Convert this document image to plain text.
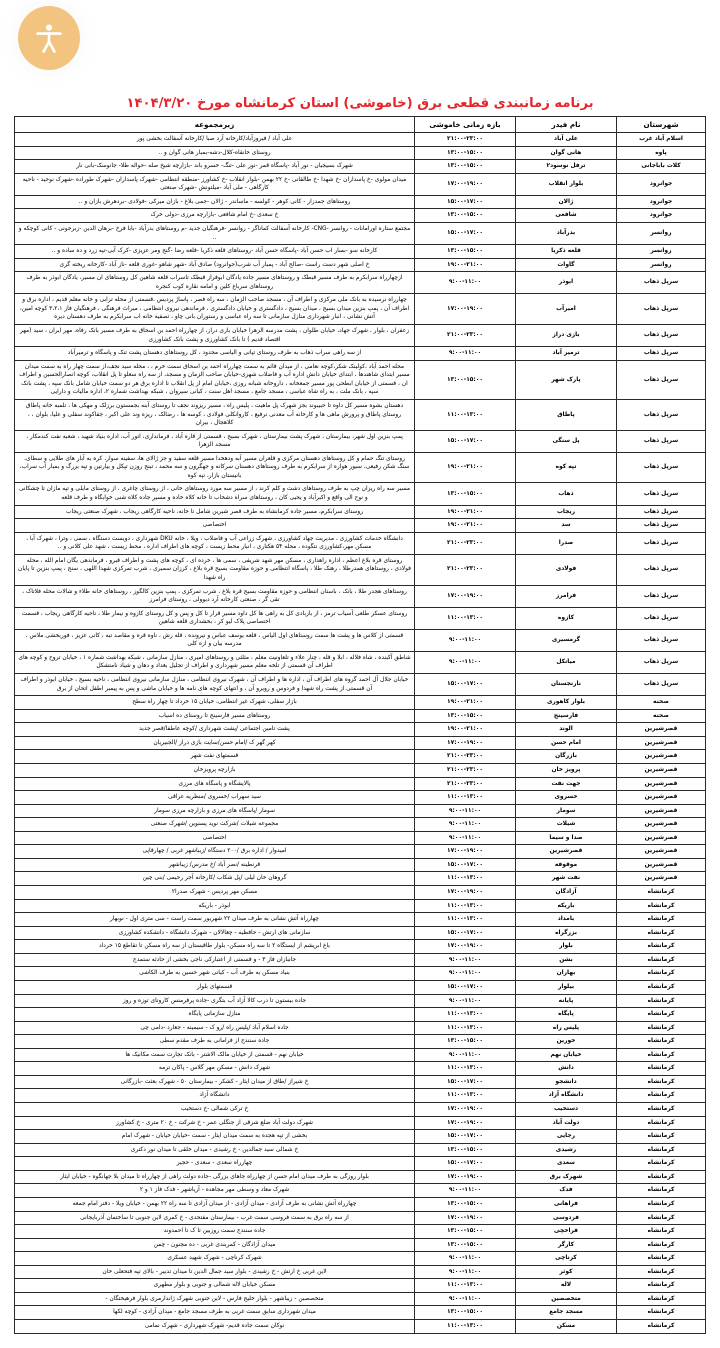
برنامه زمانبندی قطعی برق (خاموشی) استان کرمانشاه مورخ ۱۴۰۴/۳/۲۰
شهرستان	نام فیدر	بازه زمانی خاموشی	زیرمجموعه
اسلام آباد غرب	علی آباد	۲۱:۰۰-۲۳:۰۰	علی آباد / فیروزآباد/کارخانه آرد صبا /کارخانه آسفالت بخشی پور
پاوه	هانی گوان	۱۳:۰۰-۱۵:۰۰	روستای خانقاه-کلال-دشه-بمبار هانی گوان و ..
کلات باباجانی	ترفل نوسود۲	۱۳:۰۰-۱۵:۰۰	شهرک بسیجیان - نور آباد -پاسگاه قمر -نور علی -تنگ- خسرو باند -بازارچه شیخ صله -حواله طلا- جانوسک-بانی نار
جوانرود	بلوار انقلاب	۱۷:۰۰-۱۹:۰۰	میدان مولوی -خ پاسداران -خ شهدا -خ طالقانی -خ ۲۲ بهمن -بلوار انقلاب -خ کشاورز -منطقه انتظامی -شهرک پاسداران -شهرک طوراده -شهرک نوحید - ناحیه کارگاهی - ملی آباد -میلتونش -شهرک صنعتی
جوانرود	ژالان	۱۵:۰۰-۱۷:۰۰	روستاهای جمدزار - کانی کوهر - کولسه - ماساندر - ژالان -جمی بلاغ - بازان میرکی -فولادی -بردهرش بازان و ..
جوانرود	شافعی	۱۳:۰۰-۱۵:۰۰	خ سعدی -خ امام شافعی -بازارچه مرزی -دولی خرک
روانسر	بدرآباد	۱۵:۰۰-۱۷:۰۰	مجتمع ستاره اورامانات - روانسر -CNG- کارخانه آسفالت کماناگر - روانسر -فرهنگیان جدید -م روستاهای بدرآباد -بابا فرخ -برهان الدین -زبرجونی - کانی کوچکه و ..
روانسر	قلعه ذکریا	۱۳:۰۰-۱۵:۰۰	کارخانه سو -بمبار اب حسن آباد -پاسگاه حسن آباد -روستاهای قلعه ذکریا -قلعه رضا -گنج ومر عزیزی -کرک آبی-تپه زرد و ده ساده و ..
روانسر	گاوات	۱۹:۰۰-۲۱:۰۰	خ اصلی شهر دست راست -صالح آباد - پمبار آب شرب(جوانرود) صادق آباد -شهر شاهو -غوری قلعه -ناز آباد -کارخانه ریخته گری
سرپل ذهاب	ابوذر	۹:۰۰-۱۱:۰۰	ازچهارراه سرابکرم به طرف مسیر قبطک و روستاهای مسیر جاده یادگان ابوفراز قبطک تاسراب قلعه شاهین کل روستاهای ان مسیر، یادگان ابوذر به طرف روستاهای سرباغ کلین و امامه نقاره کوب کنجره
سرپل ذهاب	امیرآب	۱۷:۰۰-۱۹:۰۰	چهارراه نرسیده به بانک ملی مرکزی و اطراف آن ، مسجد صاحب الزمان ، سه راه فصر ، پاساژ پردیس ،قسمتی از محله ترابی و خانه معلم قدیم ، اداره برق و اطراف آن ، پمپ بنزین میدان بسیج ، میدان بسیج ، دادگستری و خیابان دادگستری ، فرماندهی نیروی انتظامی ، میراث فرهنگی ، فرهنگیان فاز ۳،۲،۱ کوچه امین، آتش نشانی ، انبار شهرداری منازل سازمانی تا سه راه عباسی و رستوران بانی چاو ، تصفیه خانه اب سرابکرم به طرف دهستان دیره
سرپل ذهاب	بازی دراز	۲۱:۰۰-۲۳:۰۰	زعفران ، بلوار ، شهرک جهاد، خیابان طلوان ، پشت مدرسه الزهرا خیابان بازی دراز، از چهارراه احمد بن اسحاق به طرف مسیر بانک رفاه، مهر ایران ، سید (مهر اقتصاد قدیم ) تا بانک کشاورزی و پشت بانک کشاورزی
سرپل ذهاب	ترمیر آباد	۹:۰۰-۱۱:۰۰	از سه راهی سراب ذهاب به طرف روستای تپانی و الیاسی محدود ، کل روستاهای دهستان پشت تنک و پاسگاه و ترمیرآباد
سرپل ذهاب	پارک شهر	۱۳:۰۰-۱۵:۰۰	محله احمد آباد ،کولینک شکر،کوچه نعامی ، از میدان قائم به سمت چهارراه احمد بن اسحاق سمت خرم ، ، محله سید نجف،از سمت چهار راه به سمت میدان مسیر ابتدای شاهندها ، ابتدای خیابان دانش اداره آب و فاضلاب شهری-خیابان صاحب الزمان و مسجد، از سه راه سعلو تا پل انقلاب، کوچه انصارالحسین و اطراف ان ، قسمتی از خیابان ابطحی پور مسیر جمعخانه ، داروخانه شبانه روزی ،خیابان امام از پل انقلاب تا اداره برق هر دو سمت خیابان شامل بانک سپه ، پشت بانک سپه ، بانک ملت ، به راه شاه عباسی ، مسجد جامع ، مسجد اهل سنت ، کیانی سیروان ، شبکه بهداشت شماره ۲، اداره مالیات و دارایی
سرپل ذهاب	پاطاق	۱۱:۰۰-۱۳:۰۰	دهستان بشوه مسیر کل داوه تا حبیبوند بجز شهرک پل ماهیت ، پلیس راه ، مسیر ریزوند نجف تا روستای آبنه بجمستون برزلک و مهکی ها ، تلمبه خانه پاطاق روستای پاطاق و پرورش ماهی ها و کارخانه آب معدنی نرفیع ، کاروانکلی فولادی ، کوسه ها ، رضالک ، ریزه وند علی اکبر ، جفاکوند سفلی و علیا، بلوان ، ، کلاهجال ، بیران
سرپل ذهاب	پل سنگی	۱۵:۰۰-۱۷:۰۰	پمپ بنزین اول شهر، بیمارستان ، شهرک پشت بیمارستان ، شهرک بسیج ، قسمتی از قاره آباد ، فرمانداری، اتور آب، اداره بنیاد شهید ، شعبه نفت کندمکار ، مسجد الزهرا
سرپل ذهاب	تپه کوه	۱۹:۰۰-۲۱:۰۰	روستای تنگ حمام و کل روستاهای دهستان مرکزی و قلعران مسیر آبه ودهخدا مسیر قلعه سفید و جز ژالای ها، سفینه سوار، کره به آبار های طلایی و سطای، سنگ شکن رفیعی، سیور هواره از سرابکرم به طرف روستاهای دهستان سرکانه و جهگرون و سه محمد ، تبنج روزن تپکل و بیارتین و تپه بزرگ و بمبار آب سراب، بانیستان بازار، تپه کوه
سرپل ذهاب	ذهاب	۱۳:۰۰-۱۵:۰۰	مسیر سه راه ریزان چپ به طرف روستاهای دشت و کلم کرند ، از مسیر سه مورد روستاهای خانی ، از روستای چاغری ، از روستای مایلی و تپه مازان تا چشکانی و نوح الی واقع و اکبرآباد و یحیی کان ، روستاهای سراه دشخاب تا خانه کلاه خاده و مسیر جاده کلاه شنی خوابگاه و طرف قلعه
سرپل ذهاب	ریجاب	۱۹:۰۰-۲۱:۰۰	روستای سرابکرم، مسیر جاده کرمانشاه به طرف قصر شیرین شامل تا خانه، ناحیه کارگاهی ریجاب ، شهرک صنعتی ریجاب
سرپل ذهاب	سد	۱۹:۰۰-۲۱:۰۰	اختصاصی
سرپل ذهاب	صدرا	۲۱:۰۰-۲۳:۰۰	دانشگاه خدمات کشاورزی ، مدیریت جهاد کشاورزی ، شهرک زراعی آب و فاضلاب ، ویلا ، خانه DKU شهرداری ، دویست دستگاه ، سمی ، وترا ، شهرک آبا ، مسکن مهر،کشاورزی نتگوده ، محله ۵۴ هکتاری ، انبار محط زیست ، کوچه های اطراف اداره ، محط زیست ، شهد علی کلانی و ..
سرپل ذهاب	فولادی	۲۱:۰۰-۲۳:۰۰	روستای قره بلاغ اعظم ، اداره راهداری ، مسکن مهر شهد شریفی ، سمی ها ، خرده ای ، کوچه های پشت و اطراف قبرو ، فرماندهی یگان امام الله ، محله فولادی ، روستاهای همدرطلا ، رهنک طلا ، پاسگاه انتظامی و حوزه مقاومت بسیج قره بلاغ ، کرزان سمیری ، شرب تمرکزی شهدا اللهی ، سنج ، پمپ بنزین تا پایان راه شهدا
سرپل ذهاب	فرامرز	۱۷:۰۰-۱۹:۰۰	روستاهای هجدر طلا ، بانک ، باستان انتظامی و حوزه مقاومت بسیج قره بلاغ ، شرب تمرکزی ، پمپ بنزین کالگوز ، روستاهای خانه طلاء و شالات محله فلاتاک ، تقی گر ، صنعتی کارخانه آرد دیوولی ، روستای فرامرز
سرپل ذهاب	کازوه	۱۱:۰۰-۱۳:۰۰	روستای عسکر طلعی آسیاب ترمز ، از بازبادی کل به راهی ها کل داود مسیر قرار تا کل و پس و کل روستای کازوه و نیمار طلا ، ناحیه کارگاهی ریجاب ، قسمت اختصاصی پلاک لیو کر ، بخشداری قلعه شاهین
سرپل ذهاب	گرمسیری	۹:۰۰-۱۱:۰۰	قسمتی از کلاس ها و پشت ها سمت روستاهای اول الیاس ، قلعه یوسف عباس و نیرونده ، قله رش ، ناوه قره و مقاصد تبه ، کانی عزیز ، فوربخشی ملاس ، مدرسه بیان و ازه کلی
سرپل ذهاب	میانکل	۹:۰۰-۱۱:۰۰	شاطق آکبنده ، شاه فلاله ، ابلا و قله ، چنار علاء و تلعاونیت معلم ، مثلثی و روستاهای امیری ، منازل سازمانی ، شبکه بهداشت شماره ۱ ، خیابان تروح و کوچه های اطراف آن قسمتی از تلخه معلم مسیر شهرداری و اطراف از تجلیل بغداد و دهان و شیاد نامتشکل
سرپل ذهاب	نارنجستان	۱۵:۰۰-۱۷:۰۰	خیابان جلال آل احمد گروه های اطراف آن ، اداره ها و اطراف آن ، شهرک نیروی انتظامی ، منازل سازمانی نیروی انتظامی ، ناحیه بسیج ، خیابان ابوذر و اطراف آن قسمتی از پشت راه شهدا و فردوس و رویرو آن ، و انتهای کوچه های نامه ها و خیابان ماشی و پس به پیمبر اطفل اتحان از برق
صحنه	بلوار کاهوری	۱۹:۰۰-۲۱:۰۰	بازار سفلی، شهرک غیر انتظامی، خیابان ۱۵ خرداد تا چهار راه سطح
صحنه	فارسینج	۱۳:۰۰-۱۵:۰۰	روستاهای مسیر فارسینج تا روستای ده اسیاب
قصرشیرین	الوند	۱۹:۰۰-۲۱:۰۰	پشت تامین اجتماعی /پشت شهرداری /کوچه عاطفا/قصر جدید
قصرشیرین	امام حسن	۱۷:۰۰-۱۹:۰۰	کهر گهر ک /امام حسن/سایت بازی دراز /الجبیریان
قصرشیرین	بازرگان	۲۱:۰۰-۲۳:۰۰	قسمتهای نفت شهر
قصرشیرین	پرویز خان	۲۱:۰۰-۲۳:۰۰	بازارچه پرویزخان
قصرشیرین	جهت نفت	۲۱:۰۰-۲۳:۰۰	پالایشگاه و پاسگاه های مرزی
قصرشیرین	خسروی	۱۱:۰۰-۱۳:۰۰	سید سهراب /خسروی /منظریه عراقی
قصرشیرین	سومار	۹:۰۰-۱۱:۰۰	سومار /پاسگاه های مرزی و بازارچه مرزی سومار
قصرشیرین	شیلات	۹:۰۰-۱۱:۰۰	مجموعه شیلات /شرکت نوید پسنوین /شهرک صنعتی
قصرشیرین	صدا و سیما	۹:۰۰-۱۱:۰۰	اختصاصی
قصرشیرین	قصرشیرین	۱۷:۰۰-۱۹:۰۰	امیدوار / اداره برق /۲۰۰ دستگاه /زیباشهر غربی / چهارقاپی
قصرشیرین	موقوفه	۱۵:۰۰-۱۷:۰۰	قرنطینه /نصر آباد /خ مدرس/ زیباشهر
قصرشیرین	نفت شهر	۱۱:۰۰-۱۳:۰۰	گروهان خان لیلی /پل شکاب /کارخانه آجر رحیمی /بنی چین
کرمانشاه	آزادگان	۱۷:۰۰-۱۹:۰۰	مسکن مهر پردیس - شهرک صدرا۲
کرمانشاه	باریکه	۱۱:۰۰-۱۳:۰۰	ابوذر - باریکه
کرمانشاه	بامداد	۱۱:۰۰-۱۳:۰۰	چهارراه آتش نشانی به طرف میدان ۲۲ شهریور سمت راست - سی متری اول - نوبهار
کرمانشاه	بزرگراه	۱۵:۰۰-۱۷:۰۰	سازمانی های ارتش - حافظیه - چغالالان - شهرک دانشگاه - دانشکده کشاورزی
کرمانشاه	بلوار	۱۷:۰۰-۱۹:۰۰	باغ ابریشم از ایستگاه ۲ تا سه راه مسکن- بلوار طاقبستان از سه راه مسکن تا تقاطع ۱۵ خرداد
کرمانشاه	بشن	۹:۰۰-۱۱:۰۰	جانبازان فاز ۳ - و قسمتی از اعتبارکی ناجی بخشی از حادثه ستمدج
کرمانشاه	بهاران	۹:۰۰-۱۱:۰۰	بنیاد مسکن به طرف آب - کیانی شهر حسین به طرف الکاشی
کرمانشاه	بیلوار	۱۵:۰۰-۱۷:۰۰	قسمتهای بلوار
کرمانشاه	پایانه	۹:۰۰-۱۱:۰۰	جاده بیستون تا درب کالا آزاد آب بتگری -جاده پرفرمنس کارونای توزه و روز
کرمانشاه	پایگاه	۱۱:۰۰-۱۳:۰۰	منازل سازمانی پایگاه
کرمانشاه	پلیس راه	۱۱:۰۰-۱۳:۰۰	جاده اسلام آباد /پلیس راه /رو ک - سیمینه - جغارد -دامی چی
کرمانشاه	خورین	۱۳:۰۰-۱۵:۰۰	جاده سنندج از فرامانی به طرف مقدم سطی
کرمانشاه	خیابان نهم	۹:۰۰-۱۱:۰۰	خیابان نهم - قسمتی از خیابان مالک الاشتر - بانک تجارت سمت مکانیک ها
کرمانشاه	دانش	۱۱:۰۰-۱۳:۰۰	شهرک دانش - مسکن مهر گلاس - پاکان ترمه
کرمانشاه	دانشجو	۱۵:۰۰-۱۷:۰۰	خ شیراز /طاق از میدان ایثار - کشکر - بیمارستان ۵۰ - شهرک بعثت -بازرگانی
کرمانشاه	دانشگاه آزاد	۱۱:۰۰-۱۳:۰۰	دانشگاه آزاد
کرمانشاه	دستخیب	۱۷:۰۰-۱۹:۰۰	خ ترکی شمالی -خ دستخیب
کرمانشاه	دولت آباد	۱۷:۰۰-۱۹:۰۰	شهرک دولت آباد ضلع شرقی از جنگلی عمر - خ شرکت - خ ۲۰ متری - خ کشاورز
کرمانشاه	رجایی	۱۵:۰۰-۱۷:۰۰	بخشی از تپه هجده به سمت میدان ایثار - سمت -خیابان خیابان - شهرک امام
کرمانشاه	رشیدی	۱۳:۰۰-۱۵:۰۰	خ شمالی سید جمالدین - خ رشیدی - میدان خلقی تا میدان نور دکتری
کرمانشاه	سعدی	۱۵:۰۰-۱۷:۰۰	چهارراه سعدی - سعدی - حجیر
کرمانشاه	شهرک برق	۱۷:۰۰-۱۹:۰۰	بلوار روزگی به طرف میدان امام حسن از چهارراه جاهای بزرگی -جاده دولت راهی از چهارراه تا میدان بلا جهانگوه - خیابان ایثار
کرمانشاه	فدک	۹:۰۰-۱۱:۰۰	شهرک معاد و وسطی مهر مجاهده - آریاشهر - فدک فاز ۱ و ۲
کرمانشاه	فراهانی	۱۳:۰۰-۱۵:۰۰	چهارراه آتش نشانی به طرف آزادی - میدان آزادی - از میدان آزادی تا سه راه ۲۲ بهمن - خیابان ویلا - دفتر امام جمعه
کرمانشاه	فردوسی	۱۷:۰۰-۱۹:۰۰	از سه راه برق به سمت فروسی سمت غرب - بیمارستان مفتحدی - خ کمری لاین جنوبی تا ساختمان آذربایجانی
کرمانشاه	فراخچی	۱۳:۰۰-۱۵:۰۰	جاده سنندج سمت روزبین تا ک تا احمدوند
کرمانشاه	کارگر	۱۳:۰۰-۱۵:۰۰	میدان آزادگان - کمربندی غربی - ده مجنون - چمن
کرمانشاه	کرناچی	۹:۰۰-۱۱:۰۰	شهرک کرناچی - شهرک شهید عسکری
کرمانشاه	کوثر	۹:۰۰-۱۱:۰۰	لاین غربی خ ارتش - خ رشیدی - بلوار سید جمال الدین تا میدان تدبیر - بالای تپه فتحعلی خان
کرمانشاه	لاله	۱۱:۰۰-۱۳:۰۰	مسکن خیابان لاله شمالی و جنوبی و بلوار مطهری
کرمانشاه	متخصصین	۹:۰۰-۱۱:۰۰	متخصصین - زیباشهر - بلوار خلیج فارس - لاین جنوبی شهرک ژاندارمری بلوار فرهیختگان -
کرمانشاه	مسجد جامع	۱۳:۰۰-۱۵:۰۰	میدان شهرداری سابق سمت غربی به طرف مسجد جامع - میدان آزادی - کوچه لکها
کرمانشاه	مسکن	۱۱:۰۰-۱۳:۰۰	نوکان سمت جاده قدیم- شهرک شهرداری - شهرک نمامی
